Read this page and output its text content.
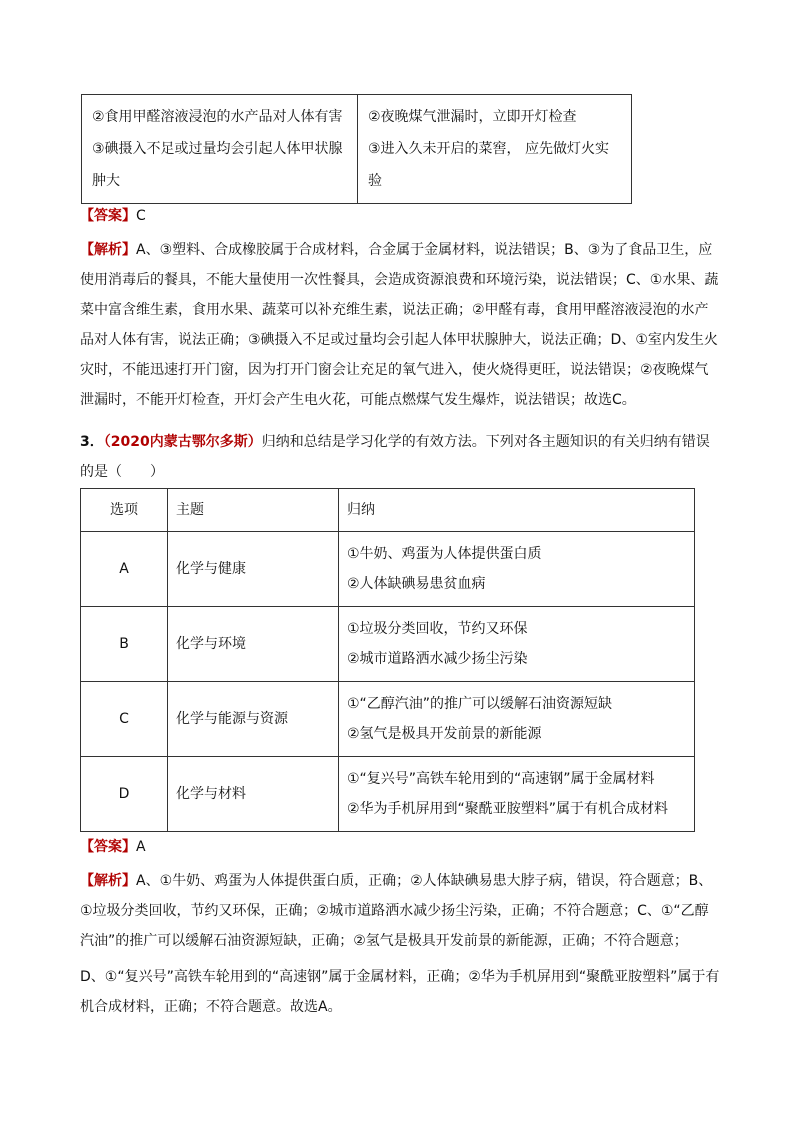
②食用甲醛溶液浸泡的水产品对人体有害
③碘摄入不足或过量均会引起人体甲状腺肿大

②夜晚煤气泄漏时，立即开灯检查
③进入久未开启的菜窖， 应先做灯火实验
【答案】C
【解析】A、③塑料、合成橡胶属于合成材料，合金属于金属材料，说法错误；B、③为了食品卫生，应使用消毒后的餐具，不能大量使用一次性餐具，会造成资源浪费和环境污染，说法错误；C、①水果、蔬菜中富含维生素，食用水果、蔬菜可以补充维生素，说法正确；②甲醛有毒，食用甲醛溶液浸泡的水产品对人体有害，说法正确；③碘摄入不足或过量均会引起人体甲状腺肿大，说法正确；D、①室内发生火灾时，不能迅速打开门窗，因为打开门窗会让充足的氧气进入，使火烧得更旺，说法错误；②夜晚煤气泄漏时，不能开灯检查，开灯会产生电火花，可能点燃煤气发生爆炸，说法错误；故选C。
3．（2020内蒙古鄂尔多斯）归纳和总结是学习化学的有效方法。下列对各主题知识的有关归纳有错误的是（　　）
选项	主题	归纳
A	化学与健康	①牛奶、鸡蛋为人体提供蛋白质
②人体缺碘易患贫血病

B	化学与环境	①垃圾分类回收，节约又环保
②城市道路洒水减少扬尘污染

C	化学与能源与资源	①“乙醇汽油”的推广可以缓解石油资源短缺
②氢气是极具开发前景的新能源

D	化学与材料	①“复兴号”高铁车轮用到的“高速钢”属于金属材料
②华为手机屏用到“聚酰亚胺塑料”属于有机合成材料
【答案】A
【解析】A、①牛奶、鸡蛋为人体提供蛋白质，正确；②人体缺碘易患大脖子病，错误，符合题意；B、①垃圾分类回收，节约又环保，正确；②城市道路洒水减少扬尘污染，正确；不符合题意；C、①“乙醇汽油”的推广可以缓解石油资源短缺，正确；②氢气是极具开发前景的新能源，正确；不符合题意；
D、①“复兴号”高铁车轮用到的“高速钢”属于金属材料，正确；②华为手机屏用到“聚酰亚胺塑料”属于有机合成材料，正确；不符合题意。故选A。
